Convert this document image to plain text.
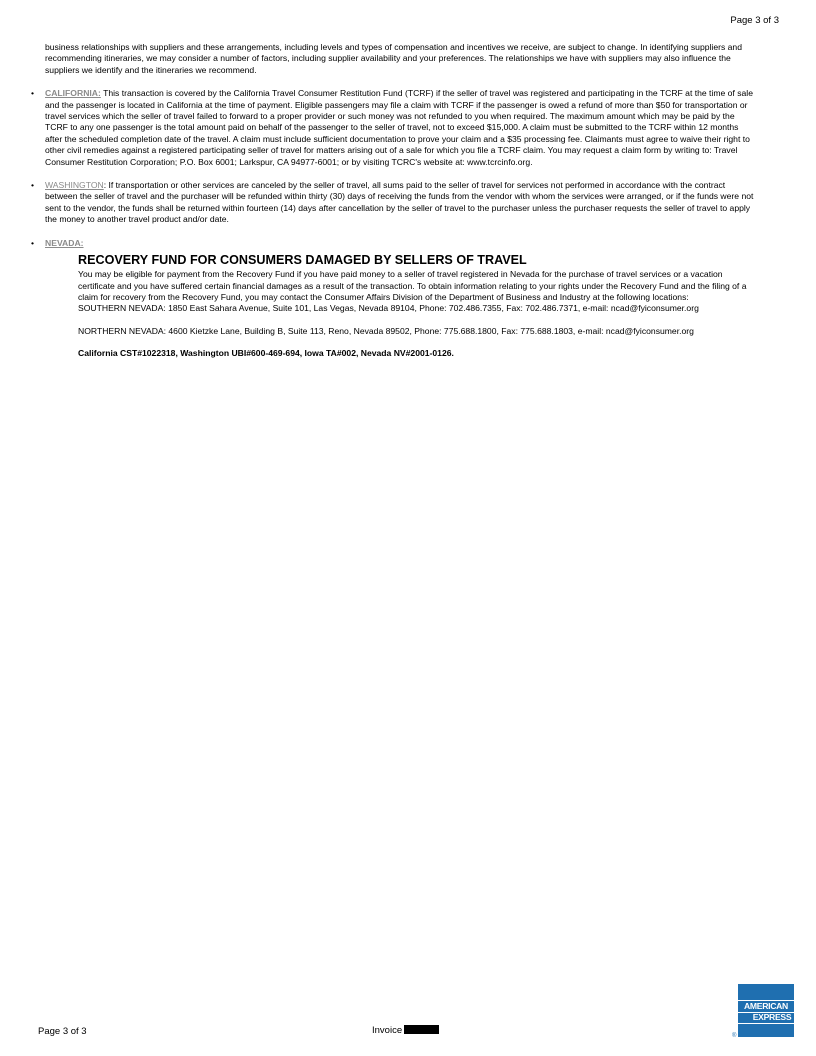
Page 3 of 3

business relationships with suppliers and these arrangements, including levels and types of compensation and incentives we receive, are subject to change. In identifying suppliers and recommending itineraries, we may consider a number of factors, including supplier availability and your preferences. The relationships we have with suppliers may also influence the suppliers we identify and the itineraries we recommend.

• CALIFORNIA: This transaction is covered by the California Travel Consumer Restitution Fund (TCRF) if the seller of travel was registered and participating in the TCRF at the time of sale and the passenger is located in California at the time of payment. Eligible passengers may file a claim with TCRF if the passenger is owed a refund of more than $50 for transportation or travel services which the seller of travel failed to forward to a proper provider or such money was not refunded to you when required. The maximum amount which may be paid by the TCRF to any one passenger is the total amount paid on behalf of the passenger to the seller of travel, not to exceed $15,000. A claim must be submitted to the TCRF within 12 months after the scheduled completion date of the travel. A claim must include sufficient documentation to prove your claim and a $35 processing fee. Claimants must agree to waive their right to other civil remedies against a registered participating seller of travel for matters arising out of a sale for which you file a TCRF claim. You may request a claim form by writing to: Travel Consumer Restitution Corporation; P.O. Box 6001; Larkspur, CA 94977-6001; or by visiting TCRC's website at: www.tcrcinfo.org.

• WASHINGTON: If transportation or other services are canceled by the seller of travel, all sums paid to the seller of travel for services not performed in accordance with the contract between the seller of travel and the purchaser will be refunded within thirty (30) days of receiving the funds from the vendor with whom the services were arranged, or if the funds were not sent to the vendor, the funds shall be returned within fourteen (14) days after cancellation by the seller of travel to the purchaser unless the purchaser requests the seller of travel to apply the money to another travel product and/or date.

• NEVADA:

RECOVERY FUND FOR CONSUMERS DAMAGED BY SELLERS OF TRAVEL

You may be eligible for payment from the Recovery Fund if you have paid money to a seller of travel registered in Nevada for the purchase of travel services or a vacation certificate and you have suffered certain financial damages as a result of the transaction. To obtain information relating to your rights under the Recovery Fund and the filing of a claim for recovery from the Recovery Fund, you may contact the Consumer Affairs Division of the Department of Business and Industry at the following locations:

SOUTHERN NEVADA: 1850 East Sahara Avenue, Suite 101, Las Vegas, Nevada 89104, Phone: 702.486.7355, Fax: 702.486.7371, e-mail: ncad@fyiconsumer.org

NORTHERN NEVADA: 4600 Kietzke Lane, Building B, Suite 113, Reno, Nevada 89502, Phone: 775.688.1800, Fax: 775.688.1803, e-mail: ncad@fyiconsumer.org

California CST#1022318, Washington UBI#600-469-694, Iowa TA#002, Nevada NV#2001-0126.

Page 3 of 3	Invoice
AMERICAN
EXPRESS
®
